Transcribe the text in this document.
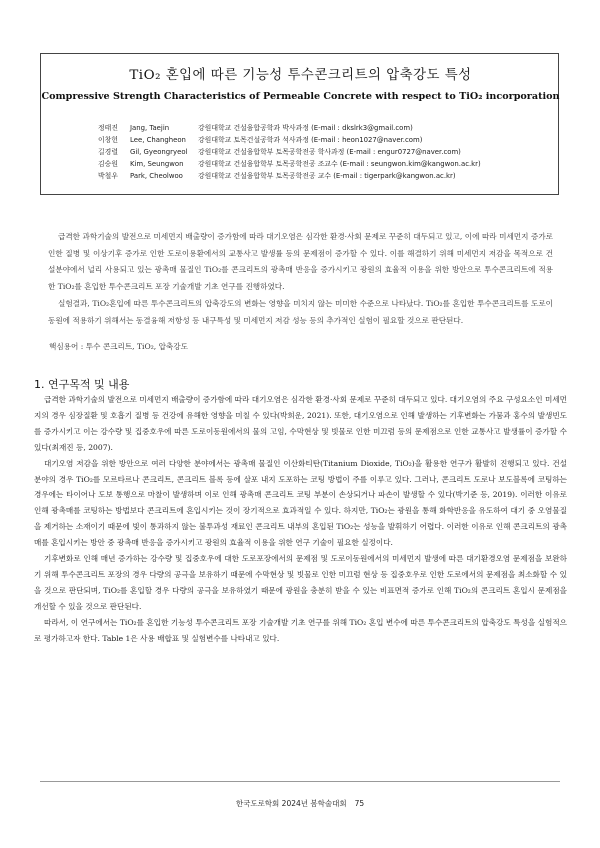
TiO₂ 혼입에 따른 기능성 투수콘크리트의 압축강도 특성
Compressive Strength Characteristics of Permeable Concrete with respect to TiO₂ incorporation
정태진 Jang, Taejin	강원대학교 건설융합공학과 박사과정 (E-mail : dkslrk3@gmail.com)
이창헌 Lee, Changheon 강원대학교 토목건설공학과 석사과정 (E-mail : heon1027@naver.com)
길경렬 Gil, Gyeongryeol 강원대학교 건설융합학부 토목공학전공 학사과정 (E-mail : engur0727@naver.com)
김승원 Kim, Seungwon 강원대학교 건설융합학부 토목공학전공 조교수 (E-mail : seungwon.kim@kangwon.ac.kr)
박철우 Park, Cheolwoo 강원대학교 건설융합학부 토목공학전공 교수 (E-mail : tigerpark@kangwon.ac.kr)

급격한 과학기술의 발전으로 미세먼지 배출량이 증가함에 따라 대기오염은 심각한 환경·사회 문제로 꾸준히 대두되고 있고, 이에 따라 미세먼지 증가로 인한 질병 및 이상기후 증가로 인한 도로이용환에서의 교통사고 발생률 등의 문제점이 증가할 수 있다. 이를 해결하기 위해 미세먼지 저감을 목적으로 건설분야에서 널리 사용되고 있는 광촉매 물질인 TiO₂를 콘크리트의 광촉매 반응을 증가시키고 광원의 효율적 이용을 위한 방안으로 투수콘크리트에 적용한 TiO₂를 혼입한 투수콘크리트 포장 기술개발 기초 연구를 진행하였다.

실험결과, TiO₂혼입에 따른 투수콘크리트의 압축강도의 변화는 영향을 미치지 않는 미미한 수준으로 나타났다. TiO₂를 혼입한 투수콘크리트를 도로이동원에 적용하기 위해서는 동결융해 저항성 등 내구특성 및 미세먼지 저감 성능 등의 추가적인 실험이 필요할 것으로 판단된다.

핵심용어 : 투수 콘크리트, TiO₂, 압축강도
1. 연구목적 및 내용

급격한 과학기술의 발전으로 미세먼지 배출량이 증가함에 따라 대기오염은 심각한 환경·사회 문제로 꾸준히 대두되고 있다. 대기오염의 주요 구성요소인 미세먼지의 경우 심장질환 및 호흡기 질병 등 건강에 유해한 영향을 미칠 수 있다(박희운, 2021). 또한, 대기오염으로 인해 발생하는 기후변화는 가뭄과 홍수의 발생빈도를 증가시키고 이는 강수량 및 집중호우에 따른 도로이동원에서의 물의 고임, 수막현상 및 빗물로 인한 미끄럼 등의 문제점으로 인한 교통사고 발생률이 증가할 수 있다(최재진 등, 2007).

대기오염 저감을 위한 방안으로 여러 다양한 분야에서는 광촉매 물질인 이산화티탄(Titanium Dioxide, TiO₂)을 활용한 연구가 활발히 진행되고 있다. 건설 분야의 경우 TiO₂를 모르타르나 콘크리트, 콘크리트 블록 등에 살포 내지 도포하는 코팅 방법이 주를 이루고 있다. 그러나, 콘크리트 도로나 보도블록에 코팅하는 경우에는 타이어나 도보 통행으로 마찰이 발생하며 이로 인해 광촉매 콘크리트 코팅 부분이 손상되거나 파손이 발생할 수 있다(박기준 등, 2019). 이러한 이유로 인해 광촉매를 코팅하는 방법보다 콘크리트에 혼입시키는 것이 장기적으로 효과적일 수 있다. 하지만, TiO₂는 광원을 통해 화학반응을 유도하여 대기 중 오염물질을 제거하는 소재이기 때문에 빛이 통과하지 않는 불투과성 재료인 콘크리트 내부의 혼입된 TiO₂는 성능을 발휘하기 어렵다. 이러한 이유로 인해 콘크리트의 광촉매를 혼입시키는 방안 중 광촉매 반응을 증가시키고 광원의 효율적 이용을 위한 연구 기술이 필요한 실정이다.

기후변화로 인해 매년 증가하는 강수량 및 집중호우에 대한 도로포장에서의 문제점 및 도로이동원에서의 미세먼지 발생에 따른 대기환경오염 문제점을 보완하기 위해 투수콘크리트 포장의 경우 다량의 공극을 보유하기 때문에 수막현상 및 빗물로 인한 미끄럼 현상 등 집중호우로 인한 도로에서의 문제점을 최소화할 수 있을 것으로 판단되며, TiO₂를 혼입할 경우 다량의 공극을 보유하였기 때문에 광원을 충분히 받을 수 있는 비표면적 증가로 인해 TiO₂의 콘크리트 혼입시 문제점을 개선할 수 있을 것으로 판단된다.

따라서, 이 연구에서는 TiO₂를 혼입한 기능성 투수콘크리트 포장 기술개발 기초 연구를 위해 TiO₂ 혼입 변수에 따른 투수콘크리트의 압축강도 특성을 실험적으로 평가하고자 한다. Table 1은 사용 배합표 및 실험변수를 나타내고 있다.

한국도로학회 2024년 봄학술대회 75
